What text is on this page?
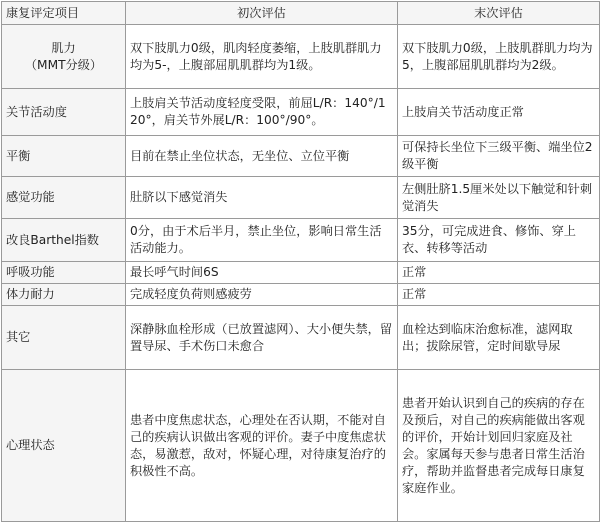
康复评定项目	初次评估	末次评估

肌力
（MMT分级）	双下肢肌力0级，肌肉轻度萎缩，上肢肌群肌力均为5-，上腹部屈肌肌群均为1级。	双下肢肌力0级，上肢肌群肌力均为5，上腹部屈肌肌群均为2级。
关节活动度	上肢肩关节活动度轻度受限，前屈L/R：140°/120°，肩关节外展L/R：100°/90°。	上肢肩关节活动度正常
平衡	目前在禁止坐位状态，无坐位、立位平衡	可保持长坐位下三级平衡、端坐位2级平衡
感觉功能	肚脐以下感觉消失	左侧肚脐1.5厘米处以下触觉和针刺觉消失
改良Barthel指数	0分，由于术后半月，禁止坐位，影响日常生活活动能力。	35分，可完成进食、修饰、穿上衣、转移等活动
呼吸功能	最长呼气时间6S	正常
体力耐力	完成轻度负荷则感疲劳	正常
其它	深静脉血栓形成（已放置滤网）、大小便失禁，留置导尿、手术伤口未愈合	血栓达到临床治愈标准，滤网取出；拔除尿管，定时间歇导尿
心理状态	患者中度焦虑状态，心理处在否认期，不能对自己的疾病认识做出客观的评价。妻子中度焦虑状态，易激惹，敌对，怀疑心理，对待康复治疗的积极性不高。	患者开始认识到自己的疾病的存在及预后，对自己的疾病能做出客观的评价，开始计划回归家庭及社会。家属每天参与患者日常生活治疗，帮助并监督患者完成每日康复家庭作业。
